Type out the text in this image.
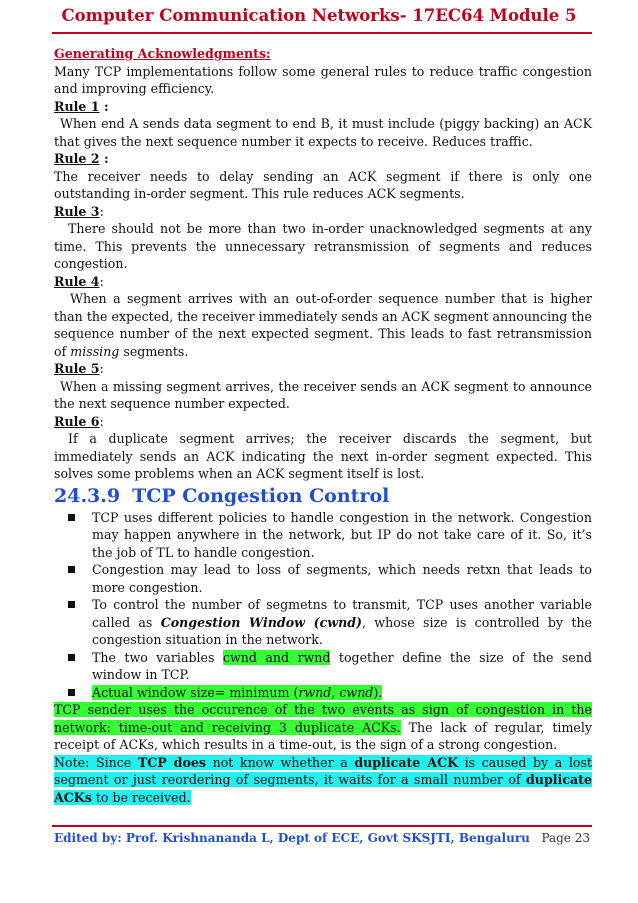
Computer Communication Networks- 17EC64 Module 5

Generating Acknowledgments:

Many TCP implementations follow some general rules to reduce traffic congestion and improving efficiency.

Rule 1 :

When end A sends data segment to end B, it must include (piggy backing) an ACK that gives the next sequence number it expects to receive. Reduces traffic.

Rule 2 :

The receiver needs to delay sending an ACK segment if there is only one outstanding in-order segment. This rule reduces ACK segments.

Rule 3:

There should not be more than two in-order unacknowledged segments at any time. This prevents the unnecessary retransmission of segments and reduces congestion.

Rule 4:

When a segment arrives with an out-of-order sequence number that is higher than the expected, the receiver immediately sends an ACK segment announcing the sequence number of the next expected segment. This leads to fast retransmission of missing segments.

Rule 5:

When a missing segment arrives, the receiver sends an ACK segment to announce the next sequence number expected.

Rule 6:

If a duplicate segment arrives; the receiver discards the segment, but immediately sends an ACK indicating the next in-order segment expected. This solves some problems when an ACK segment itself is lost.

24.3.9 TCP Congestion Control
TCP uses different policies to handle congestion in the network. Congestion may happen anywhere in the network, but IP do not take care of it. So, it’s the job of TL to handle congestion.
Congestion may lead to loss of segments, which needs retxn that leads to more congestion.
To control the number of segmetns to transmit, TCP uses another variable called as Congestion Window (cwnd), whose size is controlled by the congestion situation in the network.
The two variables cwnd and rwnd together define the size of the send window in TCP.
Actual window size= minimum (rwnd, cwnd).

TCP sender uses the occurence of the two events as sign of congestion in the network: time-out and receiving 3 duplicate ACKs. The lack of regular, timely receipt of ACKs, which results in a time-out, is the sign of a strong congestion.

Note: Since TCP does not know whether a duplicate ACK is caused by a lost segment or just reordering of segments, it waits for a small number of duplicate ACKs to be received.

Edited by: Prof. Krishnananda L, Dept of ECE, Govt SKSJTI, Bengaluru Page 23
